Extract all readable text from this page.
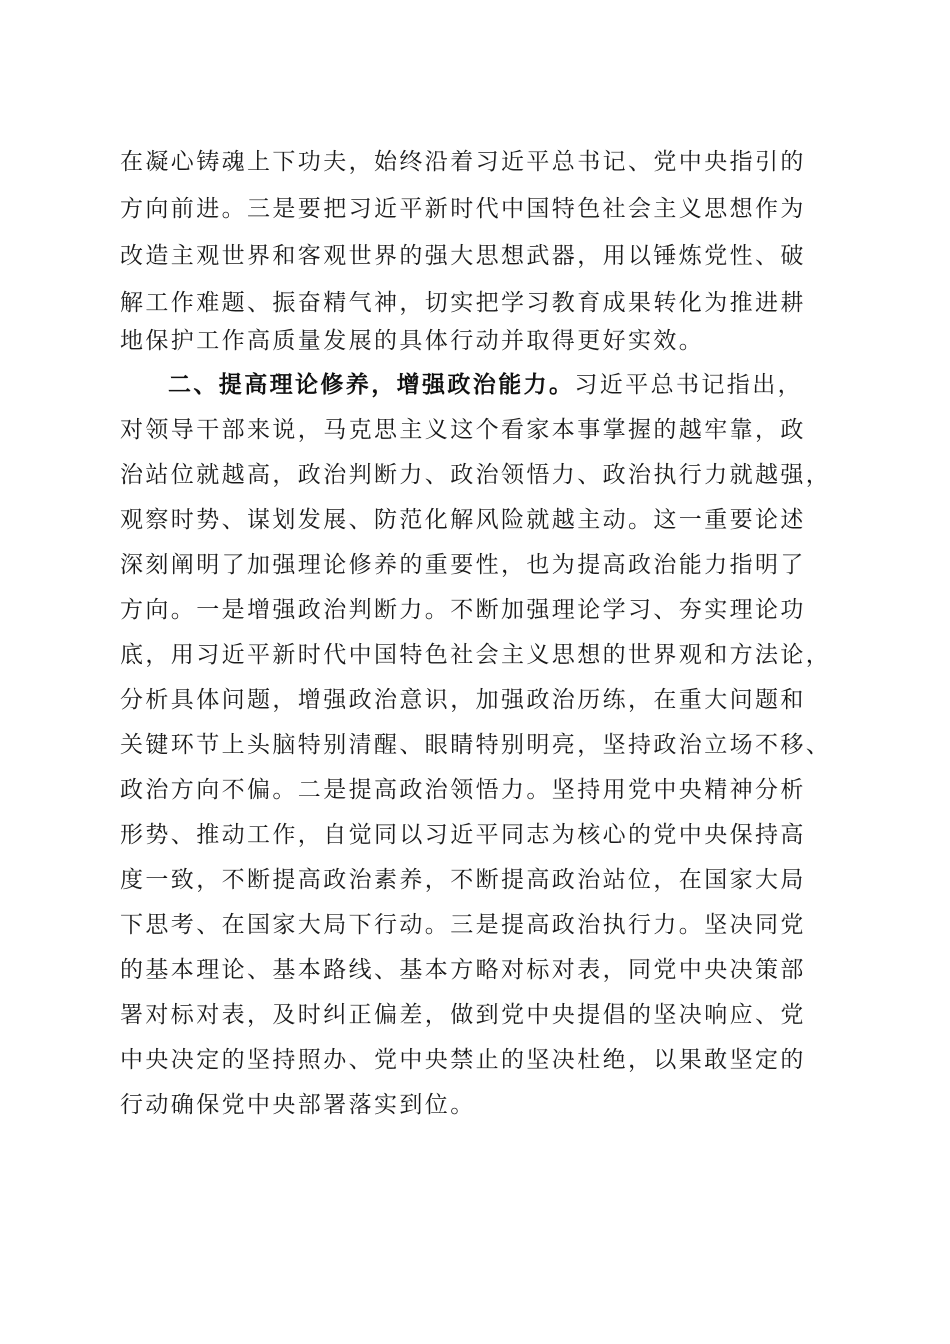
在凝心铸魂上下功夫，始终沿着习近平总书记、党中央指引的
方向前进。三是要把习近平新时代中国特色社会主义思想作为
改造主观世界和客观世界的强大思想武器，用以锤炼党性、破
解工作难题、振奋精气神，切实把学习教育成果转化为推进耕
地保护工作高质量发展的具体行动并取得更好实效。
二、提高理论修养，增强政治能力。习近平总书记指出，
对领导干部来说，马克思主义这个看家本事掌握的越牢靠，政
治站位就越高，政治判断力、政治领悟力、政治执行力就越强，
观察时势、谋划发展、防范化解风险就越主动。这一重要论述
深刻阐明了加强理论修养的重要性，也为提高政治能力指明了
方向。一是增强政治判断力。不断加强理论学习、夯实理论功
底，用习近平新时代中国特色社会主义思想的世界观和方法论，
分析具体问题，增强政治意识，加强政治历练，在重大问题和
关键环节上头脑特别清醒、眼睛特别明亮，坚持政治立场不移、
政治方向不偏。二是提高政治领悟力。坚持用党中央精神分析
形势、推动工作，自觉同以习近平同志为核心的党中央保持高
度一致，不断提高政治素养，不断提高政治站位，在国家大局
下思考、在国家大局下行动。三是提高政治执行力。坚决同党
的基本理论、基本路线、基本方略对标对表，同党中央决策部
署对标对表，及时纠正偏差，做到党中央提倡的坚决响应、党
中央决定的坚持照办、党中央禁止的坚决杜绝，以果敢坚定的
行动确保党中央部署落实到位。
